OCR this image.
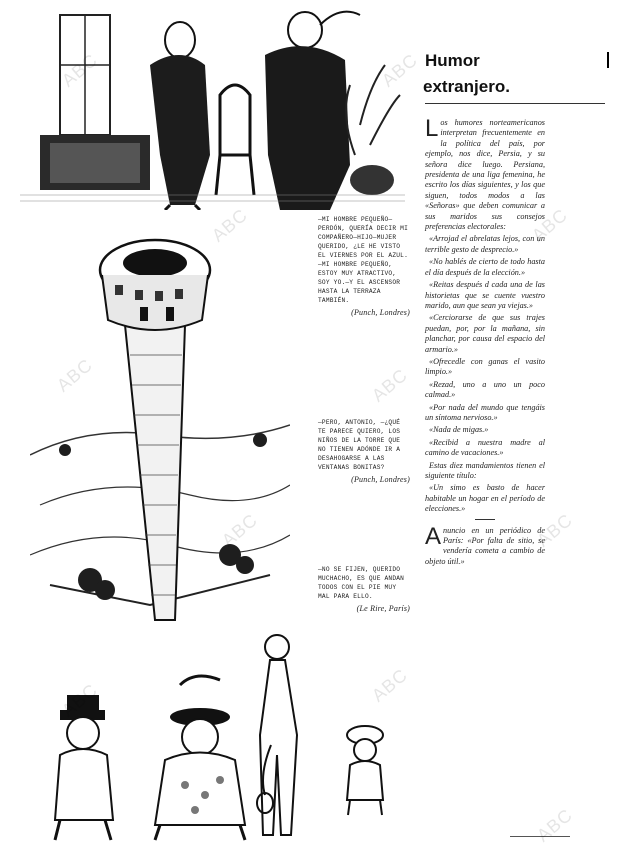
—MI HOMBRE PEQUEÑO—PERDÓN, QUERÍA DECIR MI COMPAÑERO—HIJO—MUJER QUERIDO, ¿LE HE VISTO EL VIERNES POR EL AZUL.
—MI HOMBRE PEQUEÑO, ESTOY MUY ATRACTIVO, SOY YO.—Y EL ASCENSOR HASTA LA TERRAZA TAMBIÉN.
(Punch, Londres)
—PERO, ANTONIO, —¿QUÉ TE PARECE QUIERO, LOS NIÑOS DE LA TORRE QUE NO TIENEN ADÓNDE IR A DESAHOGARSE A LAS VENTANAS BONITAS?
(Punch, Londres)
—NO SE FIJEN, QUERIDO MUCHACHO, ES QUE ANDAN TODOS CON EL PIE MUY MAL PARA ELLO.
(Le Rire, París)
Humor
extranjero.

Los humores norteamericanos interpretan frecuentemente en la política del país, por ejemplo, nos dice, Persia, y su señora dice luego. Persiana, presidenta de una liga femenina, he escrito los días siguientes, y los que siguen, todos modos a las «Señoras» que deben comunicar a sus maridos sus consejos preferencias electorales:

«Arrojad el abrelatas lejos, con un terrible gesto de desprecio.»

«No hablés de cierto de todo hasta el día después de la elección.»

«Reitas después d cada una de las historietas que se cuente vuestro marido, aun que sean ya viejas.»

«Cerciorarse de que sus trajes puedan, por, por la mañana, sin planchar, por causa del espacio del armario.»

«Ofrecedle con ganas el vasito limpio.»

«Rezad, uno a uno un poco calmad.»

«Por nada del mundo que tengáis un síntoma nervioso.»

«Nada de migas.»

«Recibid a nuestra madre al camino de vacaciones.»

Estas diez mandamientos tienen el siguiente título:

«Un simo es basto de hacer habitable un hogar en el período de elecciones.»

Anuncio en un periódico de París: «Por falta de sitio, se vendería cometa a cambio de objeto útil.»

ABC
ABC
ABC
ABC
